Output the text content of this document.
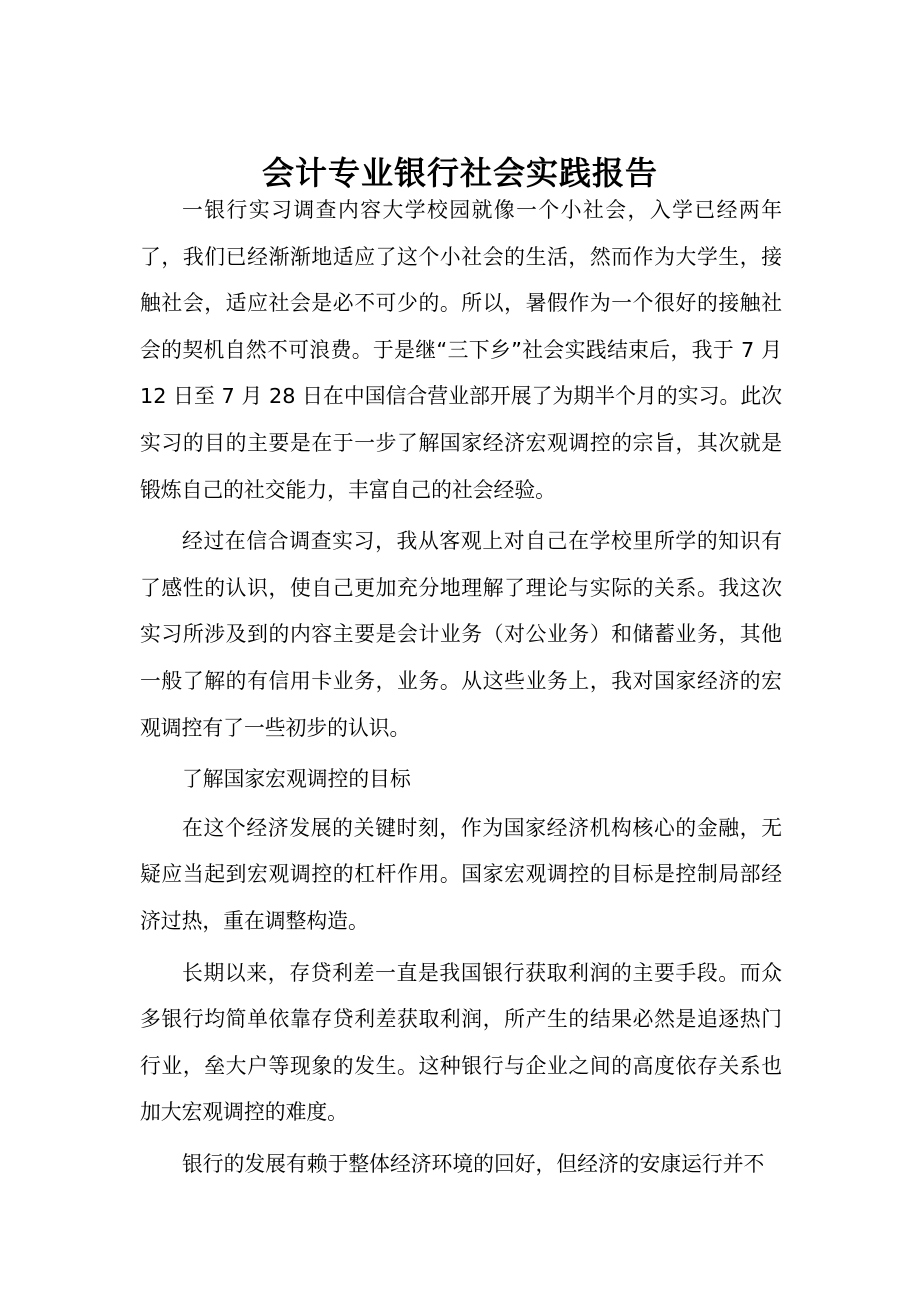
会计专业银行社会实践报告

一银行实习调查内容大学校园就像一个小社会，入学已经两年了，我们已经渐渐地适应了这个小社会的生活，然而作为大学生，接触社会，适应社会是必不可少的。所以，暑假作为一个很好的接触社会的契机自然不可浪费。于是继“三下乡”社会实践结束后，我于 7 月 12 日至 7 月 28 日在中国信合营业部开展了为期半个月的实习。此次实习的目的主要是在于一步了解国家经济宏观调控的宗旨，其次就是锻炼自己的社交能力，丰富自己的社会经验。

经过在信合调查实习，我从客观上对自己在学校里所学的知识有了感性的认识，使自己更加充分地理解了理论与实际的关系。我这次实习所涉及到的内容主要是会计业务（对公业务）和储蓄业务，其他一般了解的有信用卡业务，业务。从这些业务上，我对国家经济的宏观调控有了一些初步的认识。

了解国家宏观调控的目标

在这个经济发展的关键时刻，作为国家经济机构核心的金融，无疑应当起到宏观调控的杠杆作用。国家宏观调控的目标是控制局部经济过热，重在调整构造。

长期以来，存贷利差一直是我国银行获取利润的主要手段。而众多银行均简单依靠存贷利差获取利润，所产生的结果必然是追逐热门行业，垒大户等现象的发生。这种银行与企业之间的高度依存关系也加大宏观调控的难度。

银行的发展有赖于整体经济环境的回好，但经济的安康运行并不
